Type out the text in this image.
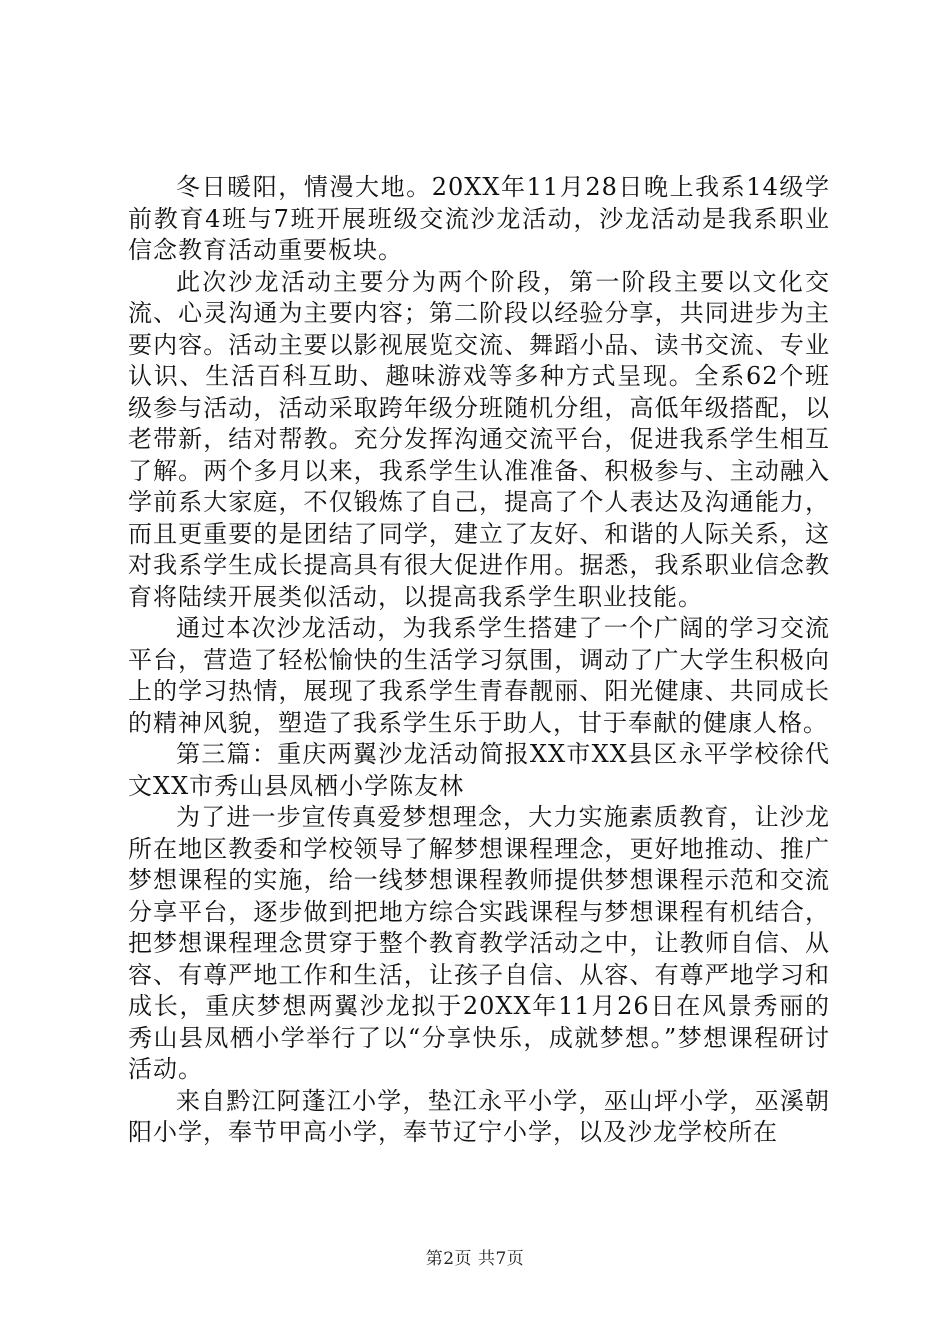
冬日暖阳，情漫大地。20XX年11月28日晚上我系14级学前教育4班与7班开展班级交流沙龙活动，沙龙活动是我系职业信念教育活动重要板块。

此次沙龙活动主要分为两个阶段，第一阶段主要以文化交流、心灵沟通为主要内容；第二阶段以经验分享，共同进步为主要内容。活动主要以影视展览交流、舞蹈小品、读书交流、专业认识、生活百科互助、趣味游戏等多种方式呈现。全系62个班级参与活动，活动采取跨年级分班随机分组，高低年级搭配，以老带新，结对帮教。充分发挥沟通交流平台，促进我系学生相互了解。两个多月以来，我系学生认准准备、积极参与、主动融入学前系大家庭，不仅锻炼了自己，提高了个人表达及沟通能力，而且更重要的是团结了同学，建立了友好、和谐的人际关系，这对我系学生成长提高具有很大促进作用。据悉，我系职业信念教育将陆续开展类似活动，以提高我系学生职业技能。

通过本次沙龙活动，为我系学生搭建了一个广阔的学习交流平台，营造了轻松愉快的生活学习氛围，调动了广大学生积极向上的学习热情，展现了我系学生青春靓丽、阳光健康、共同成长的精神风貌，塑造了我系学生乐于助人，甘于奉献的健康人格。

第三篇：重庆两翼沙龙活动简报XX市XX县区永平学校徐代文XX市秀山县凤栖小学陈友林

为了进一步宣传真爱梦想理念，大力实施素质教育，让沙龙所在地区教委和学校领导了解梦想课程理念，更好地推动、推广梦想课程的实施，给一线梦想课程教师提供梦想课程示范和交流分享平台，逐步做到把地方综合实践课程与梦想课程有机结合，把梦想课程理念贯穿于整个教育教学活动之中，让教师自信、从容、有尊严地工作和生活，让孩子自信、从容、有尊严地学习和成长，重庆梦想两翼沙龙拟于20XX年11月26日在风景秀丽的秀山县凤栖小学举行了以“分享快乐，成就梦想。”梦想课程研讨活动。

来自黔江阿蓬江小学，垫江永平小学，巫山坪小学，巫溪朝阳小学，奉节甲高小学，奉节辽宁小学，以及沙龙学校所在

第2页 共7页
